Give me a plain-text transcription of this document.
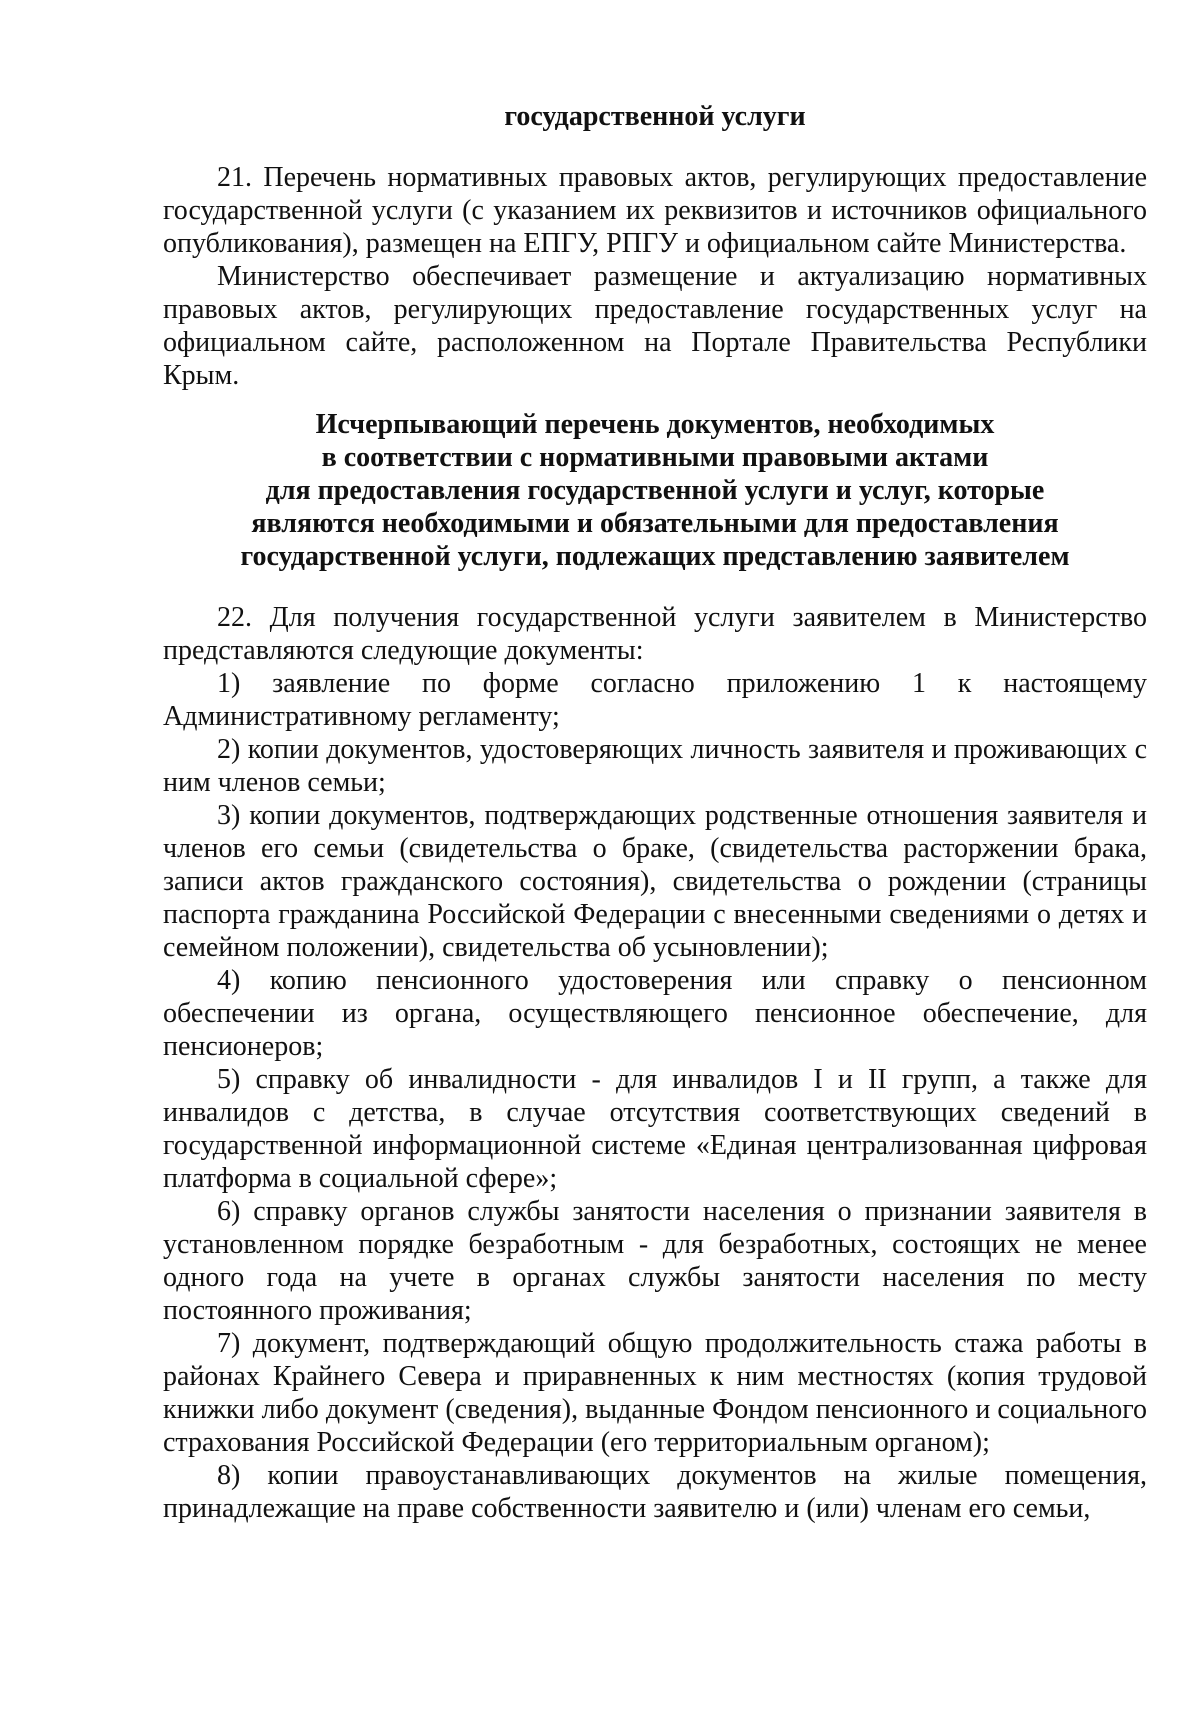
государственной услуги

21. Перечень нормативных правовых актов, регулирующих предоставление государственной услуги (с указанием их реквизитов и источников официального опубликования), размещен на ЕПГУ, РПГУ и официальном сайте Министерства.

Министерство обеспечивает размещение и актуализацию нормативных правовых актов, регулирующих предоставление государственных услуг на официальном сайте, расположенном на Портале Правительства Республики Крым.

Исчерпывающий перечень документов, необходимых
в соответствии с нормативными правовыми актами
для предоставления государственной услуги и услуг, которые
являются необходимыми и обязательными для предоставления
государственной услуги, подлежащих представлению заявителем

22. Для получения государственной услуги заявителем в Министерство представляются следующие документы:

1) заявление по форме согласно приложению 1 к настоящему Административному регламенту;

2) копии документов, удостоверяющих личность заявителя и проживающих с ним членов семьи;

3) копии документов, подтверждающих родственные отношения заявителя и членов его семьи (свидетельства о браке, (свидетельства расторжении брака, записи актов гражданского состояния), свидетельства о рождении (страницы паспорта гражданина Российской Федерации с внесенными сведениями о детях и семейном положении), свидетельства об усыновлении);

4) копию пенсионного удостоверения или справку о пенсионном обеспечении из органа, осуществляющего пенсионное обеспечение, для пенсионеров;

5) справку об инвалидности - для инвалидов I и II групп, а также для инвалидов с детства, в случае отсутствия соответствующих сведений в государственной информационной системе «Единая централизованная цифровая платформа в социальной сфере»;

6) справку органов службы занятости населения о признании заявителя в установленном порядке безработным - для безработных, состоящих не менее одного года на учете в органах службы занятости населения по месту постоянного проживания;

7) документ, подтверждающий общую продолжительность стажа работы в районах Крайнего Севера и приравненных к ним местностях (копия трудовой книжки либо документ (сведения), выданные Фондом пенсионного и социального страхования Российской Федерации (его территориальным органом);

8) копии правоустанавливающих документов на жилые помещения, принадлежащие на праве собственности заявителю и (или) членам его семьи,
